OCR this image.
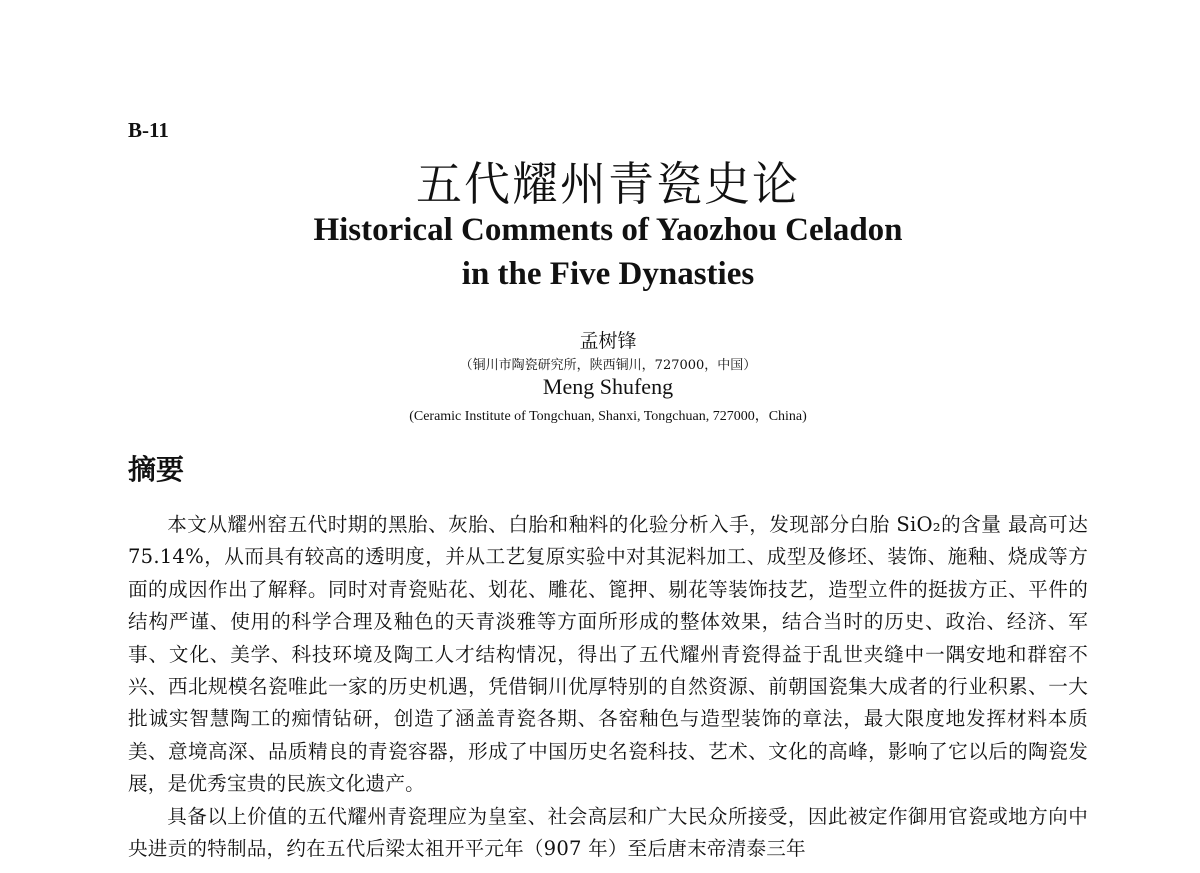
B-11
五代耀州青瓷史论
Historical Comments of Yaozhou Celadon
in the Five Dynasties
孟树锋
（铜川市陶瓷研究所，陕西铜川，727000，中国）
Meng Shufeng
(Ceramic Institute of Tongchuan, Shanxi, Tongchuan, 727000，China)
摘要

本文从耀州窑五代时期的黑胎、灰胎、白胎和釉料的化验分析入手，发现部分白胎 SiO₂的含量 最高可达 75.14%，从而具有较高的透明度，并从工艺复原实验中对其泥料加工、成型及修坯、装饰、施釉、烧成等方面的成因作出了解释。同时对青瓷贴花、划花、雕花、篦押、剔花等装饰技艺，造型立件的挺拔方正、平件的结构严谨、使用的科学合理及釉色的天青淡雅等方面所形成的整体效果，结合当时的历史、政治、经济、军事、文化、美学、科技环境及陶工人才结构情况，得出了五代耀州青瓷得益于乱世夹缝中一隅安地和群窑不兴、西北规模名瓷唯此一家的历史机遇，凭借铜川优厚特别的自然资源、前朝国瓷集大成者的行业积累、一大批诚实智慧陶工的痴情钻研，创造了涵盖青瓷各期、各窑釉色与造型装饰的章法，最大限度地发挥材料本质美、意境高深、品质精良的青瓷容器，形成了中国历史名瓷科技、艺术、文化的高峰，影响了它以后的陶瓷发展，是优秀宝贵的民族文化遗产。

具备以上价值的五代耀州青瓷理应为皇室、社会高层和广大民众所接受，因此被定作御用官瓷或地方向中央进贡的特制品，约在五代后梁太祖开平元年（907 年）至后唐末帝清泰三年
